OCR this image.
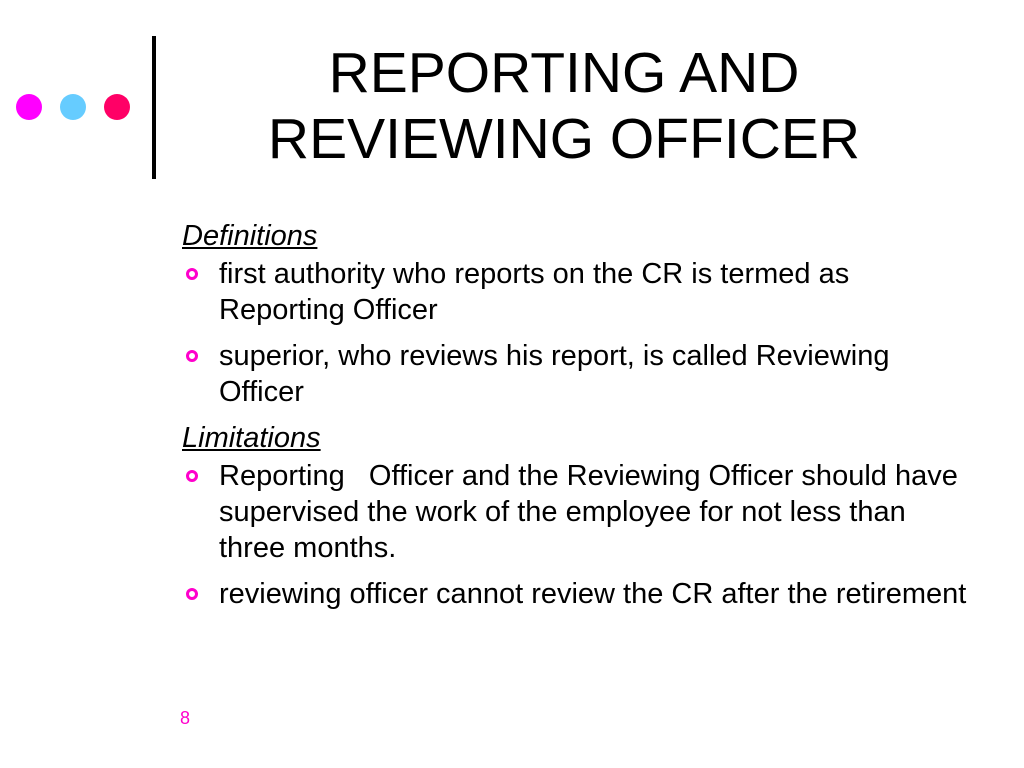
REPORTING AND
REVIEWING OFFICER
Definitions
first authority who reports on the CR is termed as Reporting Officer
superior, who reviews his report, is called Reviewing Officer
Limitations
Reporting   Officer and the Reviewing Officer should have supervised the work of the employee for not less than three months.
reviewing officer cannot review the CR after the retirement
8
